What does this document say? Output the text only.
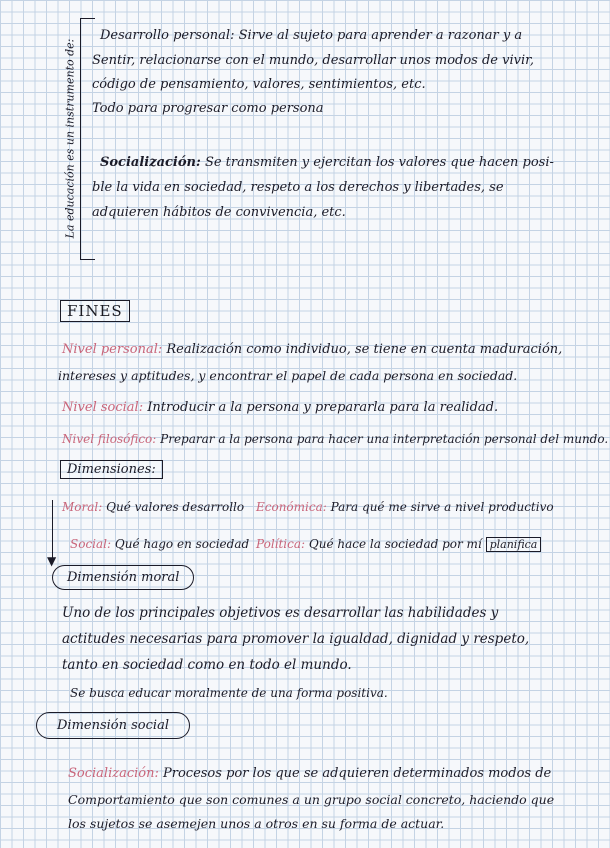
La educación es un instrumento de:
Desarrollo personal: Sirve al sujeto para aprender a razonar y a
Sentir, relacionarse con el mundo, desarrollar unos modos de vivir,
código de pensamiento, valores, sentimientos, etc.
Todo para progresar como persona
Socialización: Se transmiten y ejercitan los valores que hacen posi-
ble la vida en sociedad, respeto a los derechos y libertades, se
adquieren hábitos de convivencia, etc.
FINES
Nivel personal: Realización como individuo, se tiene en cuenta maduración,
intereses y aptitudes, y encontrar el papel de cada persona en sociedad.
Nivel social: Introducir a la persona y prepararla para la realidad.
Nivel filosófico: Preparar a la persona para hacer una interpretación personal del mundo.
Dimensiones:
▼
Moral: Qué valores desarrollo Económica: Para qué me sirve a nivel productivo
Social: Qué hago en sociedad Política: Qué hace la sociedad por mí planifica
Dimensión moral
Uno de los principales objetivos es desarrollar las habilidades y
actitudes necesarias para promover la igualdad, dignidad y respeto,
tanto en sociedad como en todo el mundo.
Se busca educar moralmente de una forma positiva.
Dimensión social
Socialización: Procesos por los que se adquieren determinados modos de
Comportamiento que son comunes a un grupo social concreto, haciendo que
los sujetos se asemejen unos a otros en su forma de actuar.
